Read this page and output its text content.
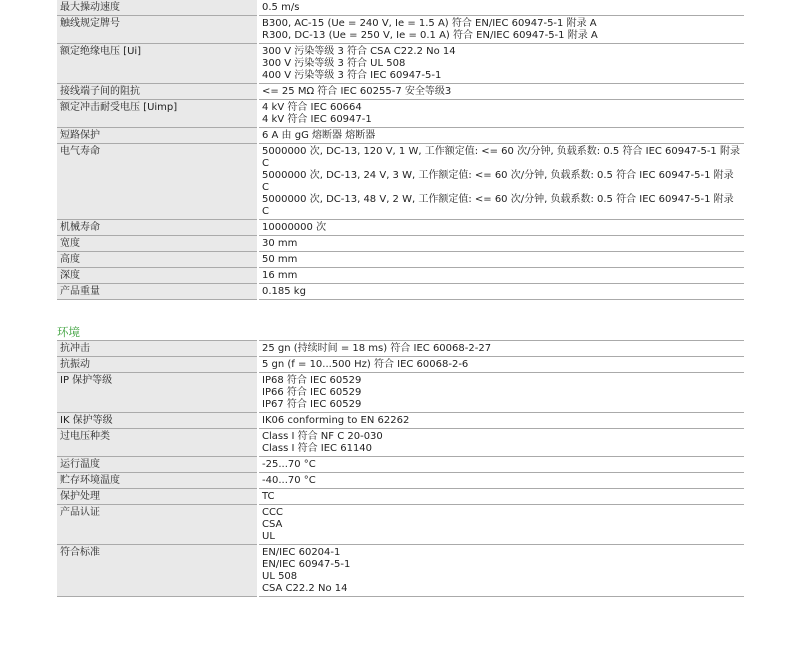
最大操动速度	0.5 m/s

触线规定牌号	B300, AC-15 (Ue = 240 V, Ie = 1.5 A) 符合 EN/IEC 60947-5-1 附录 A
R300, DC-13 (Ue = 250 V, Ie = 0.1 A) 符合 EN/IEC 60947-5-1 附录 A

额定绝缘电压 [Ui]	300 V 污染等级 3 符合 CSA C22.2 No 14
300 V 污染等级 3 符合 UL 508
400 V 污染等级 3 符合 IEC 60947-5-1

接线端子间的阻抗	<= 25 MΩ 符合 IEC 60255-7 安全等级3

额定冲击耐受电压 [Uimp]	4 kV 符合 IEC 60664
4 kV 符合 IEC 60947-1

短路保护	6 A 由 gG 熔断器 熔断器

电气寿命	5000000 次, DC-13, 120 V, 1 W, 工作额定值: <= 60 次/分钟, 负载系数: 0.5 符合 IEC 60947-5-1 附录 C
5000000 次, DC-13, 24 V, 3 W, 工作额定值: <= 60 次/分钟, 负载系数: 0.5 符合 IEC 60947-5-1 附录 C
5000000 次, DC-13, 48 V, 2 W, 工作额定值: <= 60 次/分钟, 负载系数: 0.5 符合 IEC 60947-5-1 附录 C

机械寿命	10000000 次

宽度	30 mm

高度	50 mm

深度	16 mm

产品重量	0.185 kg
环境
抗冲击	25 gn (持续时间 = 18 ms) 符合 IEC 60068-2-27

抗振动	5 gn (f = 10...500 Hz) 符合 IEC 60068-2-6

IP 保护等级	IP68 符合 IEC 60529
IP66 符合 IEC 60529
IP67 符合 IEC 60529

IK 保护等级	IK06 conforming to EN 62262

过电压种类	Class I 符合 NF C 20-030
Class I 符合 IEC 61140

运行温度	-25...70 °C

贮存环境温度	-40...70 °C

保护处理	TC

产品认证	CCC
CSA
UL

符合标准	EN/IEC 60204-1
EN/IEC 60947-5-1
UL 508
CSA C22.2 No 14
